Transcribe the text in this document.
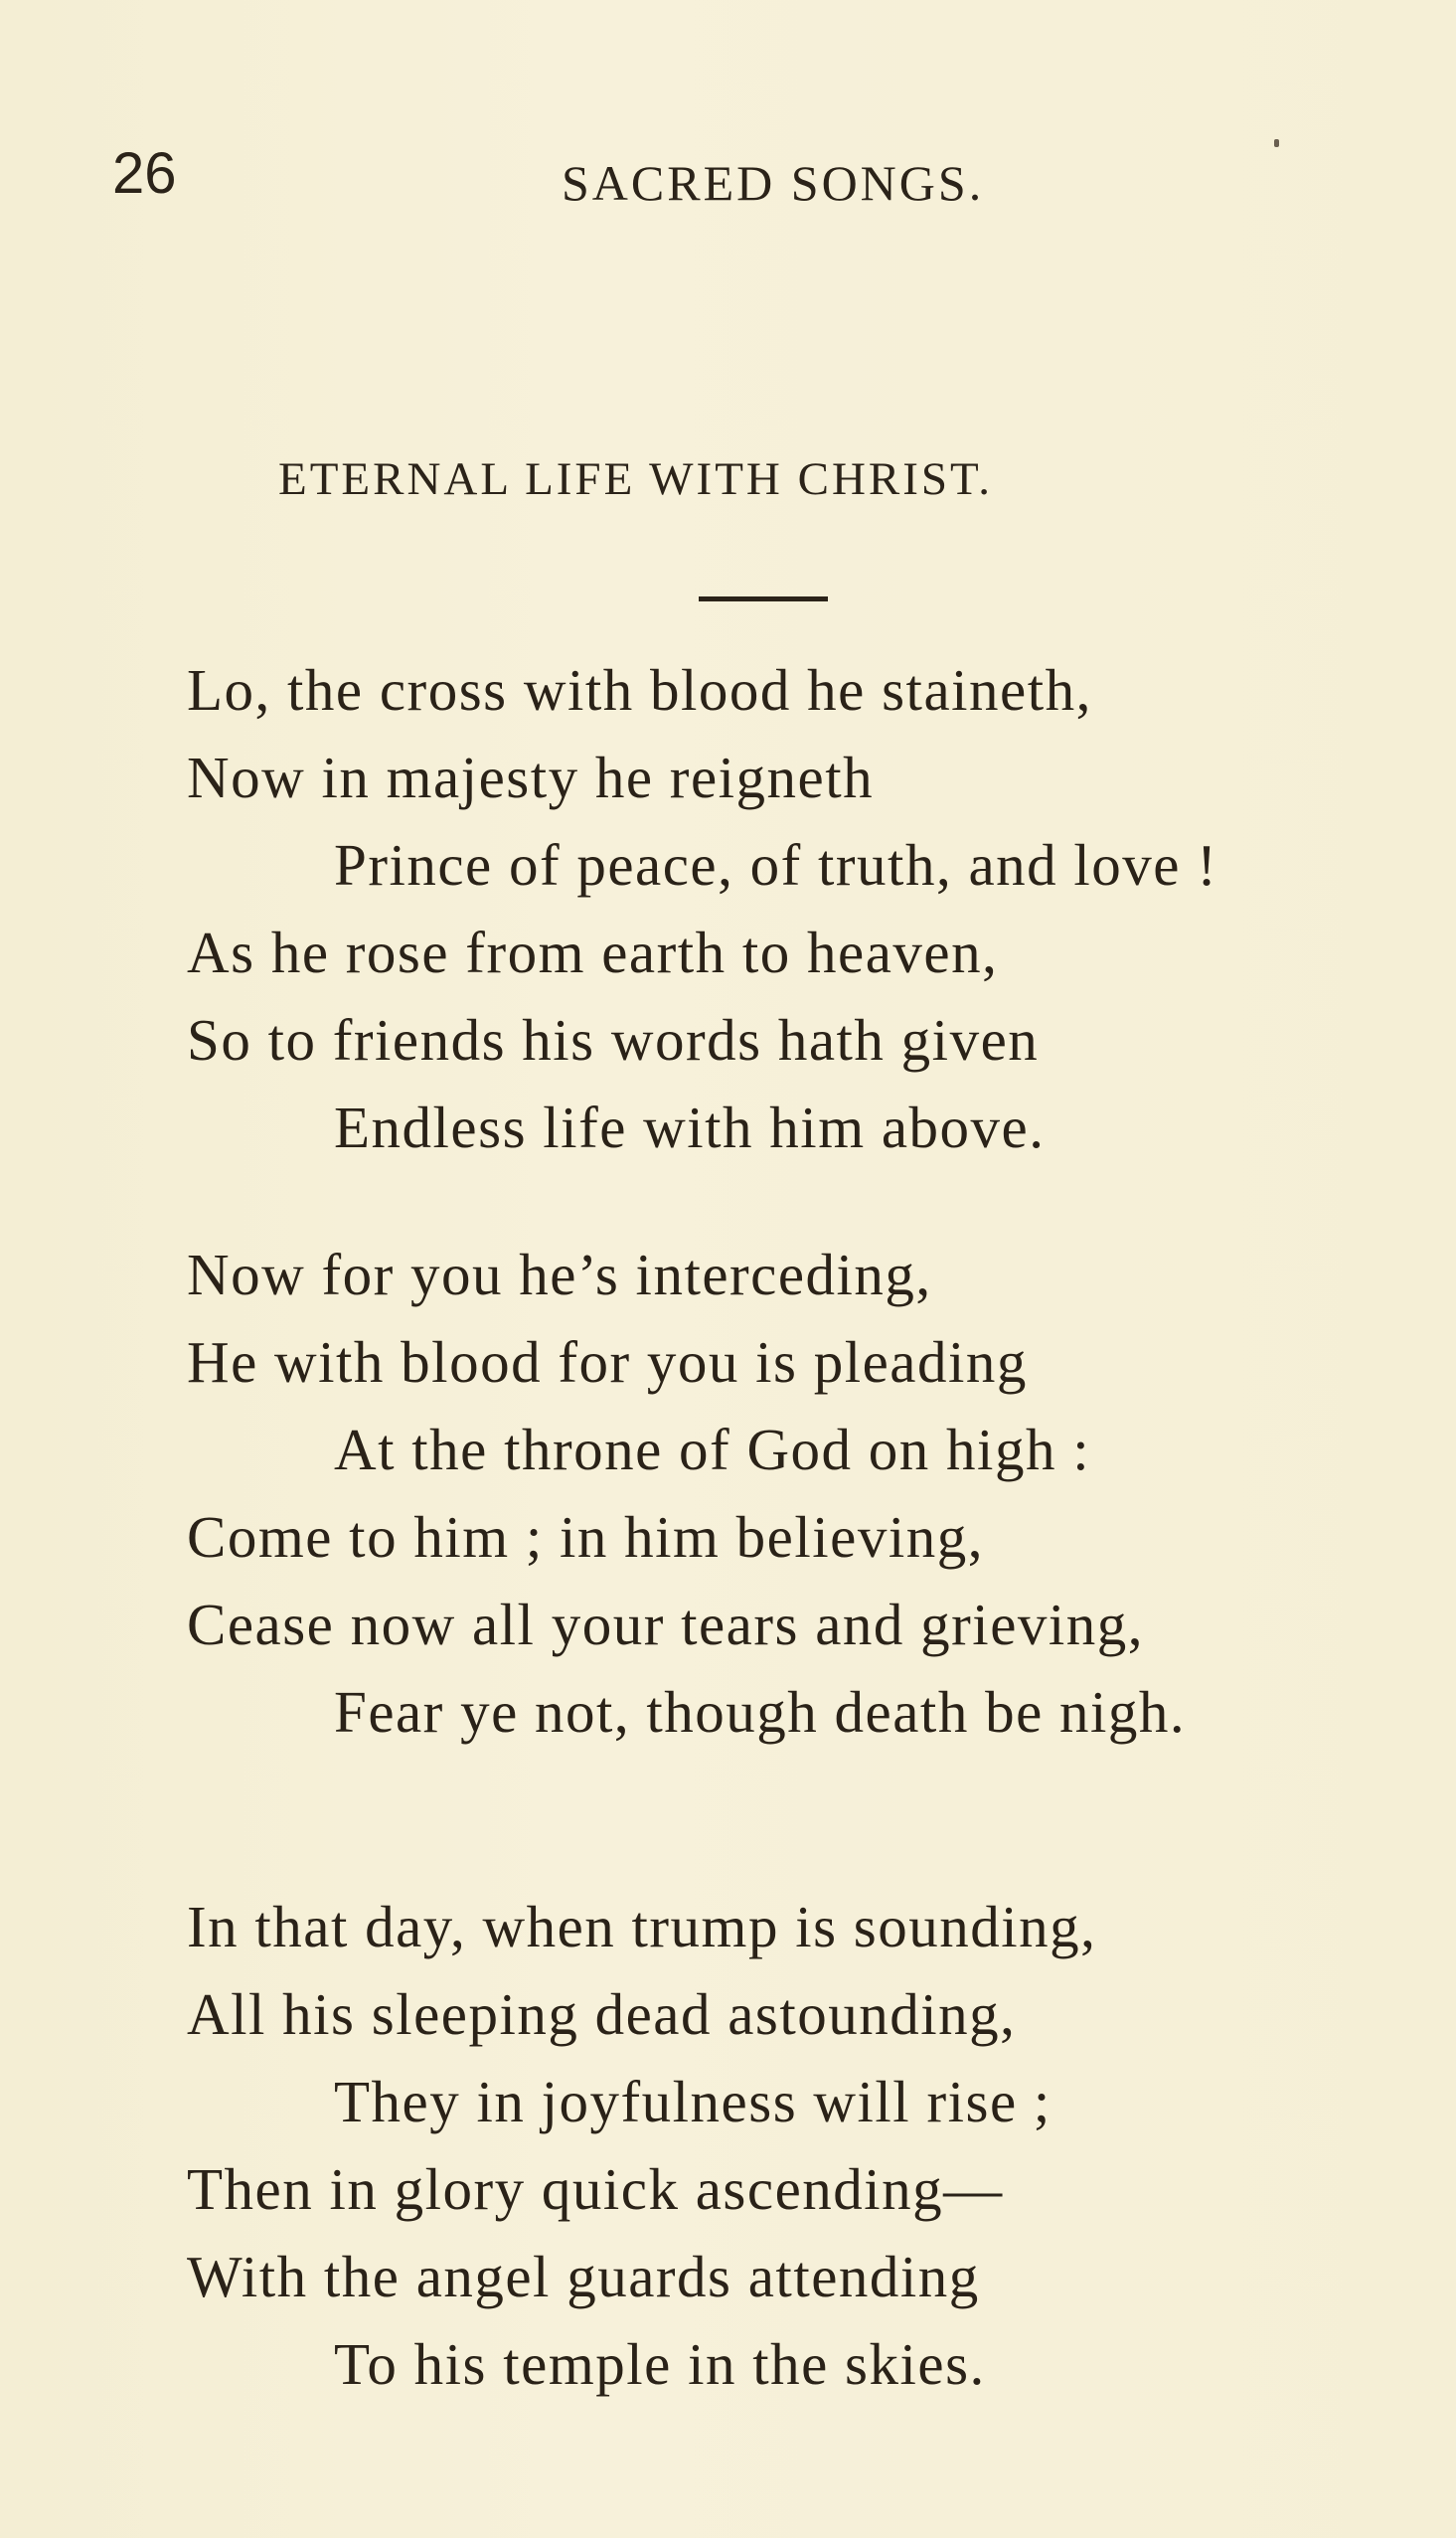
26	SACRED SONGS.
ETERNAL LIFE WITH CHRIST.
Lo, the cross with blood he staineth,
Now in majesty he reigneth
Prince of peace, of truth, and love !
As he rose from earth to heaven,
So to friends his words hath given
Endless life with him above.
Now for you he’s interceding,
He with blood for you is pleading
At the throne of God on high :
Come to him ; in him believing,
Cease now all your tears and grieving,
Fear ye not, though death be nigh.
In that day, when trump is sounding,
All his sleeping dead astounding,
They in joyfulness will rise ;
Then in glory quick ascending—
With the angel guards attending
To his temple in the skies.
